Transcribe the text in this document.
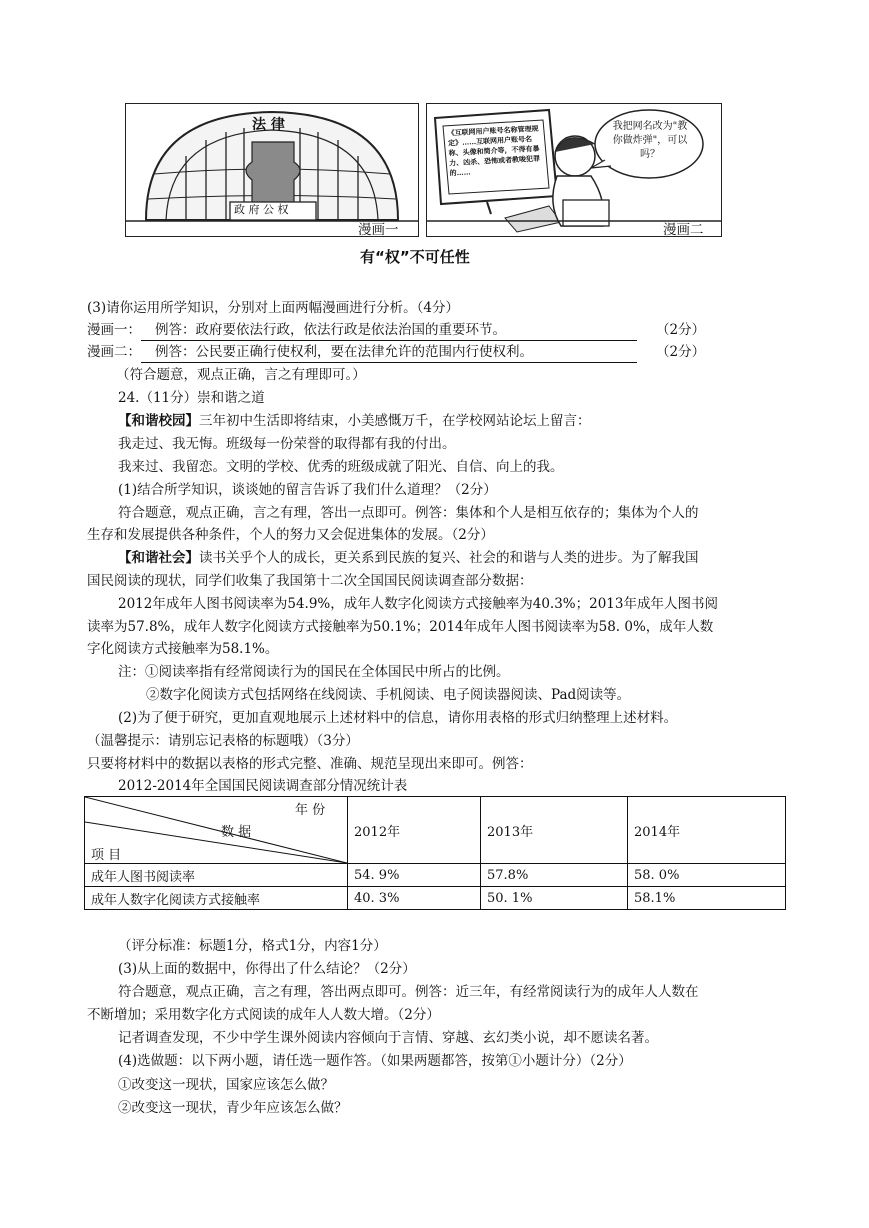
法 律
政 府 公 权
漫画一
《互联网用户账号名称管理规定》……互联网用户账号名称、头像和简介等，不得有暴力、凶杀、恐怖或者教唆犯罪的……
我把网名改为"教你做炸弹"，可以吗？
漫画二
有“权”不可任性
(3)请你运用所学知识，分别对上面两幅漫画进行分析。（4分）
漫画一： 例答：政府要依法行政，依法行政是依法治国的重要环节。	（2分）
漫画二： 例答：公民要正确行使权利，要在法律允许的范围内行使权利。	（2分）
（符合题意，观点正确，言之有理即可。）
24.（11分）崇和谐之道
【和谐校园】三年初中生活即将结束，小美感慨万千，在学校网站论坛上留言：
我走过、我无悔。班级每一份荣誉的取得都有我的付出。
我来过、我留恋。文明的学校、优秀的班级成就了阳光、自信、向上的我。
(1)结合所学知识，谈谈她的留言告诉了我们什么道理？（2分）
符合题意，观点正确，言之有理，答出一点即可。例答：集体和个人是相互依存的；集体为个人的
生存和发展提供各种条件，个人的努力又会促进集体的发展。（2分）
【和谐社会】读书关乎个人的成长，更关系到民族的复兴、社会的和谐与人类的进步。为了解我国
国民阅读的现状，同学们收集了我国第十二次全国国民阅读调查部分数据：
2012年成年人图书阅读率为54.9%，成年人数字化阅读方式接触率为40.3%；2013年成年人图书阅
读率为57.8%，成年人数字化阅读方式接触率为50.1%；2014年成年人图书阅读率为58. 0%，成年人数
字化阅读方式接触率为58.1%。
注：①阅读率指有经常阅读行为的国民在全体国民中所占的比例。
②数字化阅读方式包括网络在线阅读、手机阅读、电子阅读器阅读、Pad阅读等。
(2)为了便于研究，更加直观地展示上述材料中的信息，请你用表格的形式归纳整理上述材料。
（温馨提示：请别忘记表格的标题哦）（3分）
只要将材料中的数据以表格的形式完整、准确、规范呈现出来即可。例答：
2012-2014年全国国民阅读调查部分情况统计表
年 份
数 据
项 目	2012年	2013年	2014年
成年人图书阅读率	54. 9%	57.8%	58. 0%
成年人数字化阅读方式接触率	40. 3%	50. 1%	58.1%
（评分标准：标题1分，格式1分，内容1分）
(3)从上面的数据中，你得出了什么结论？（2分）
符合题意，观点正确，言之有理，答出两点即可。例答：近三年，有经常阅读行为的成年人人数在
不断增加；采用数字化方式阅读的成年人人数大增。（2分）
记者调查发现，不少中学生课外阅读内容倾向于言情、穿越、玄幻类小说，却不愿读名著。
(4)选做题：以下两小题，请任选一题作答。（如果两题都答，按第①小题计分）（2分）
①改变这一现状，国家应该怎么做？
②改变这一现状，青少年应该怎么做？
